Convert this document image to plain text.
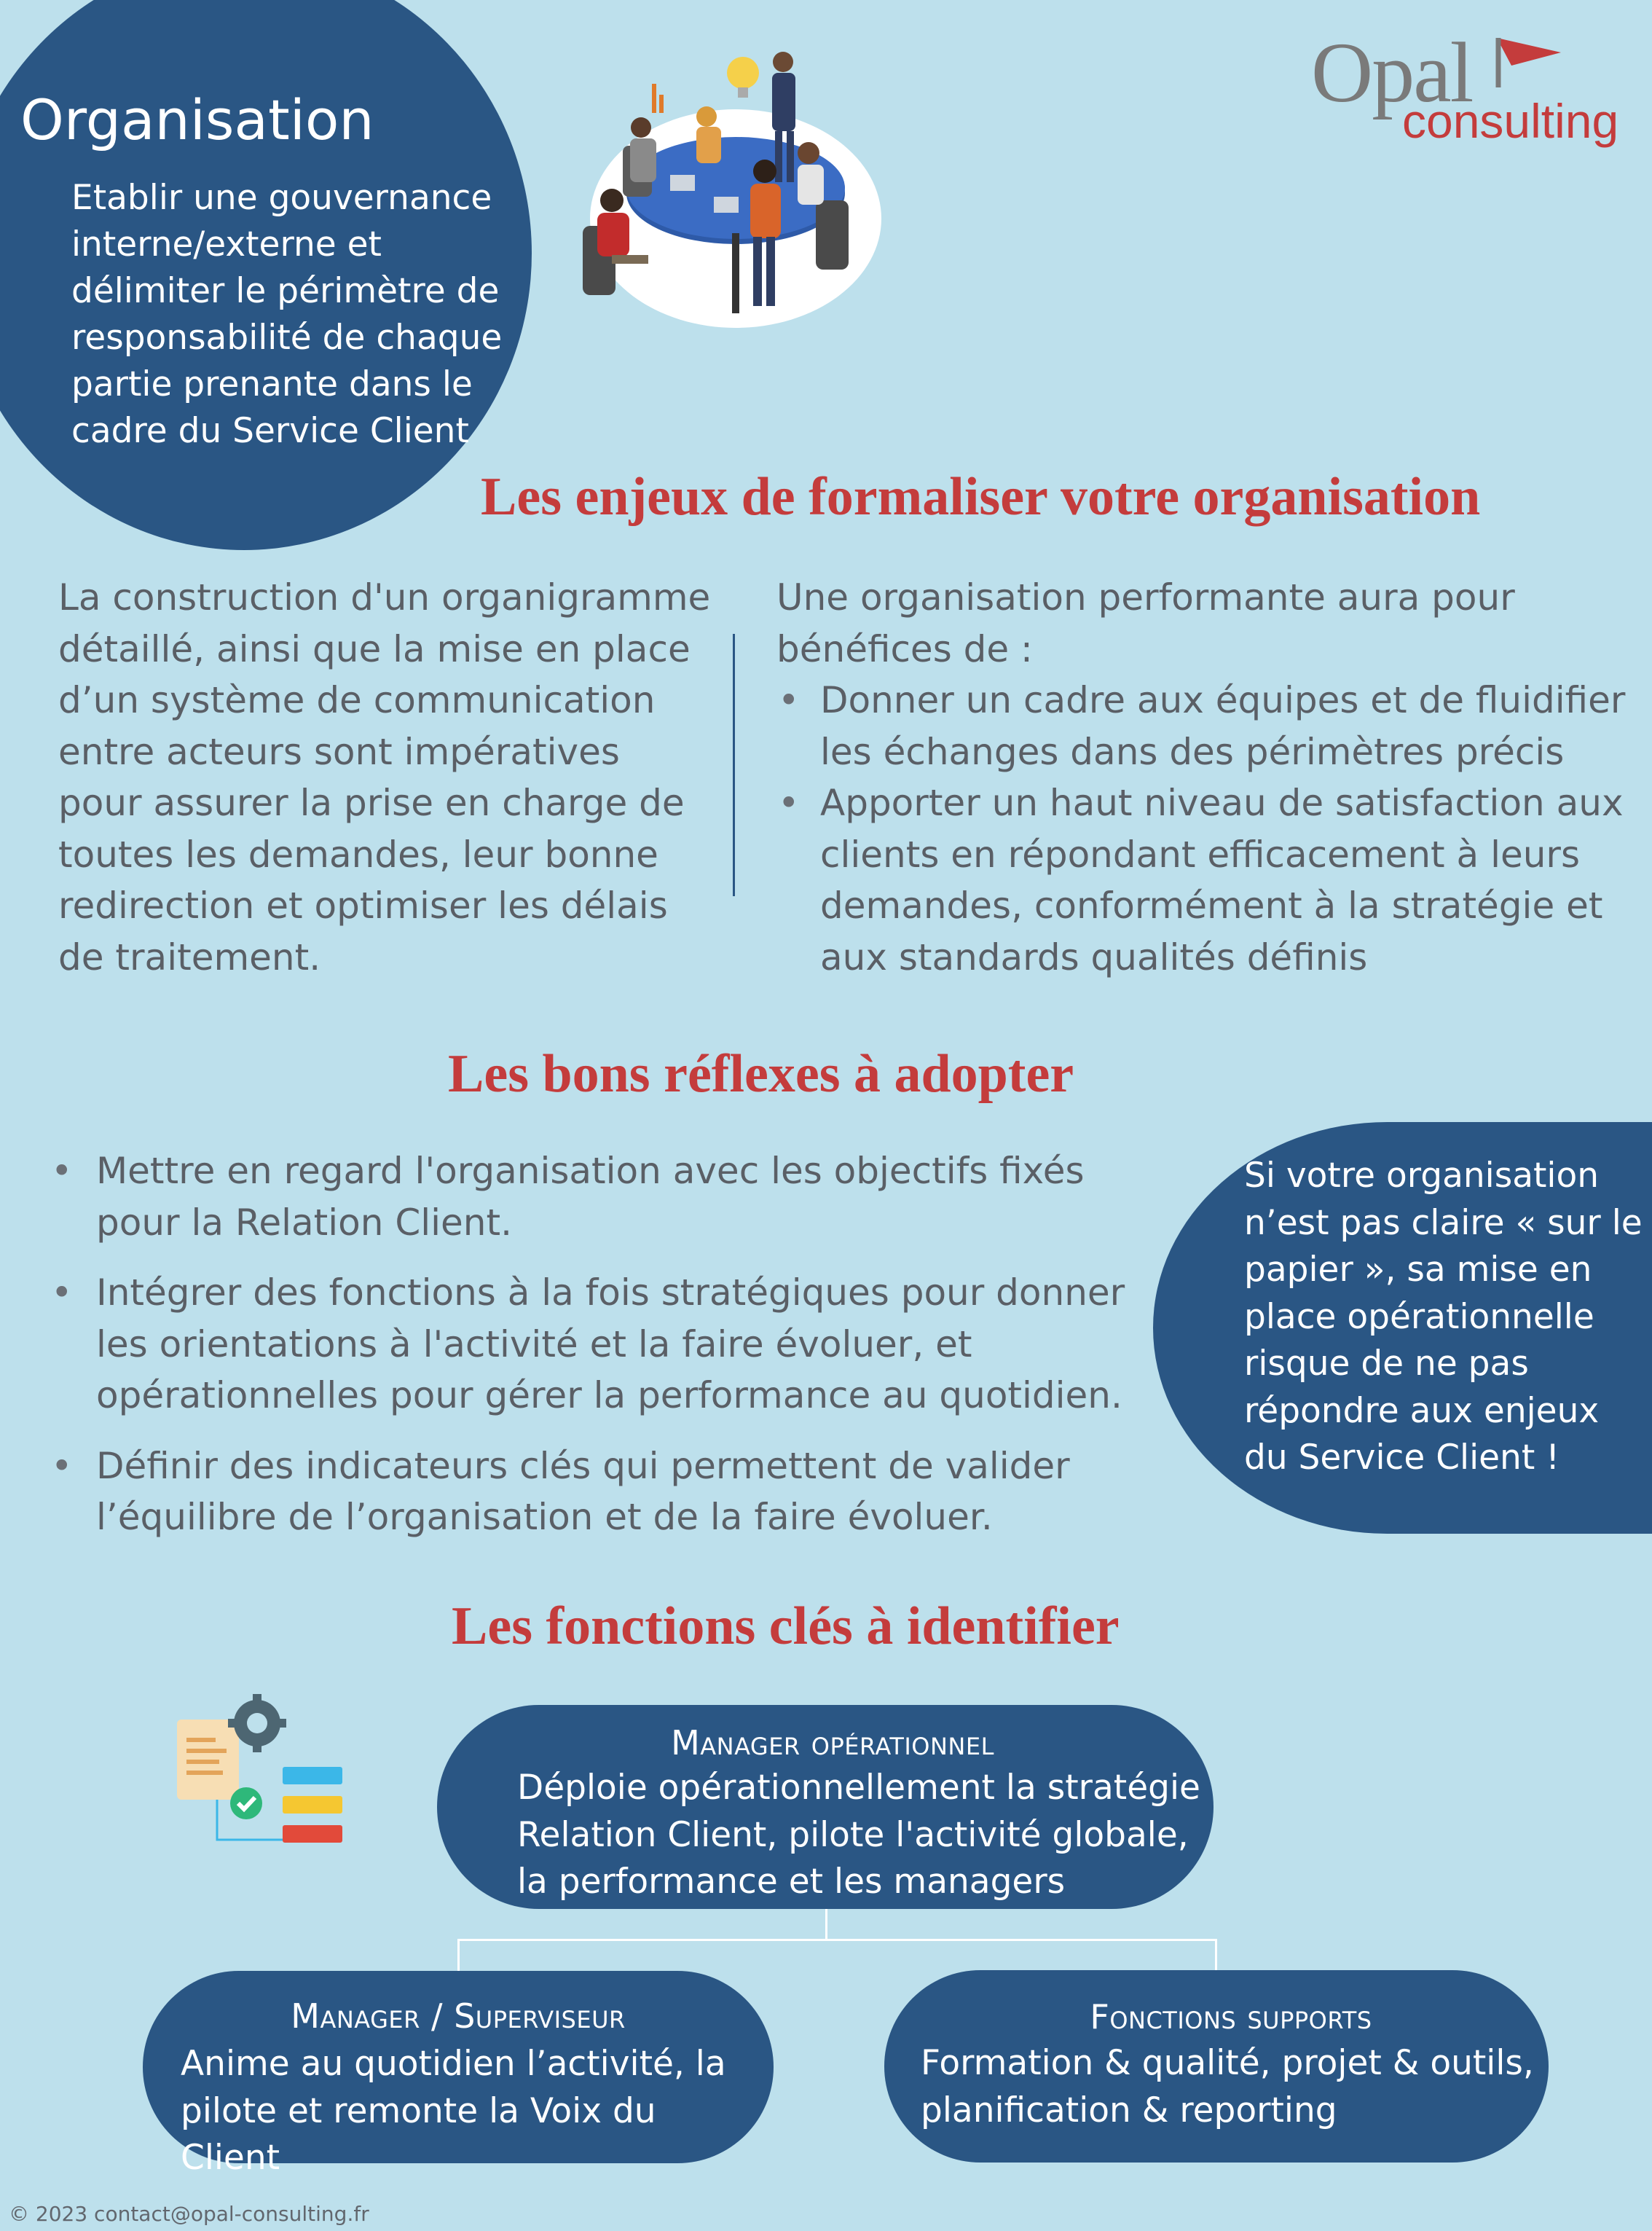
Organisation
Etablir une gouvernance interne/externe et délimiter le périmètre de responsabilité de chaque partie prenante dans le cadre du Service Client
Opal
consulting
Les enjeux de formaliser votre organisation
La construction d'un organigramme détaillé, ainsi que la mise en place d’un système de communication entre acteurs sont impératives pour assurer la prise en charge de toutes les demandes, leur bonne redirection et optimiser les délais de traitement.
Une organisation performante aura pour bénéfices de :
• Donner un cadre aux équipes et de fluidifier les échanges dans des périmètres précis
• Apporter un haut niveau de satisfaction aux clients en répondant efficacement à leurs demandes, conformément à la stratégie et aux standards qualités définis
Les bons réflexes à adopter
• Mettre en regard l'organisation avec les objectifs fixés pour la Relation Client.
• Intégrer des fonctions à la fois stratégiques pour donner les orientations à l'activité et la faire évoluer, et opérationnelles pour gérer la performance au quotidien.
• Définir des indicateurs clés qui permettent de valider l’équilibre de l’organisation et de la faire évoluer.
Si votre organisation n’est pas claire « sur le papier », sa mise en place opérationnelle risque de ne pas répondre aux enjeux du Service Client !
Les fonctions clés à identifier
Manager opérationnel
Déploie opérationnellement la stratégie Relation Client, pilote l'activité globale, la performance et les managers
Manager / Superviseur
Anime au quotidien l’activité, la pilote et remonte la Voix du Client
Fonctions supports
Formation & qualité, projet & outils, planification & reporting
© 2023 contact@opal-consulting.fr
